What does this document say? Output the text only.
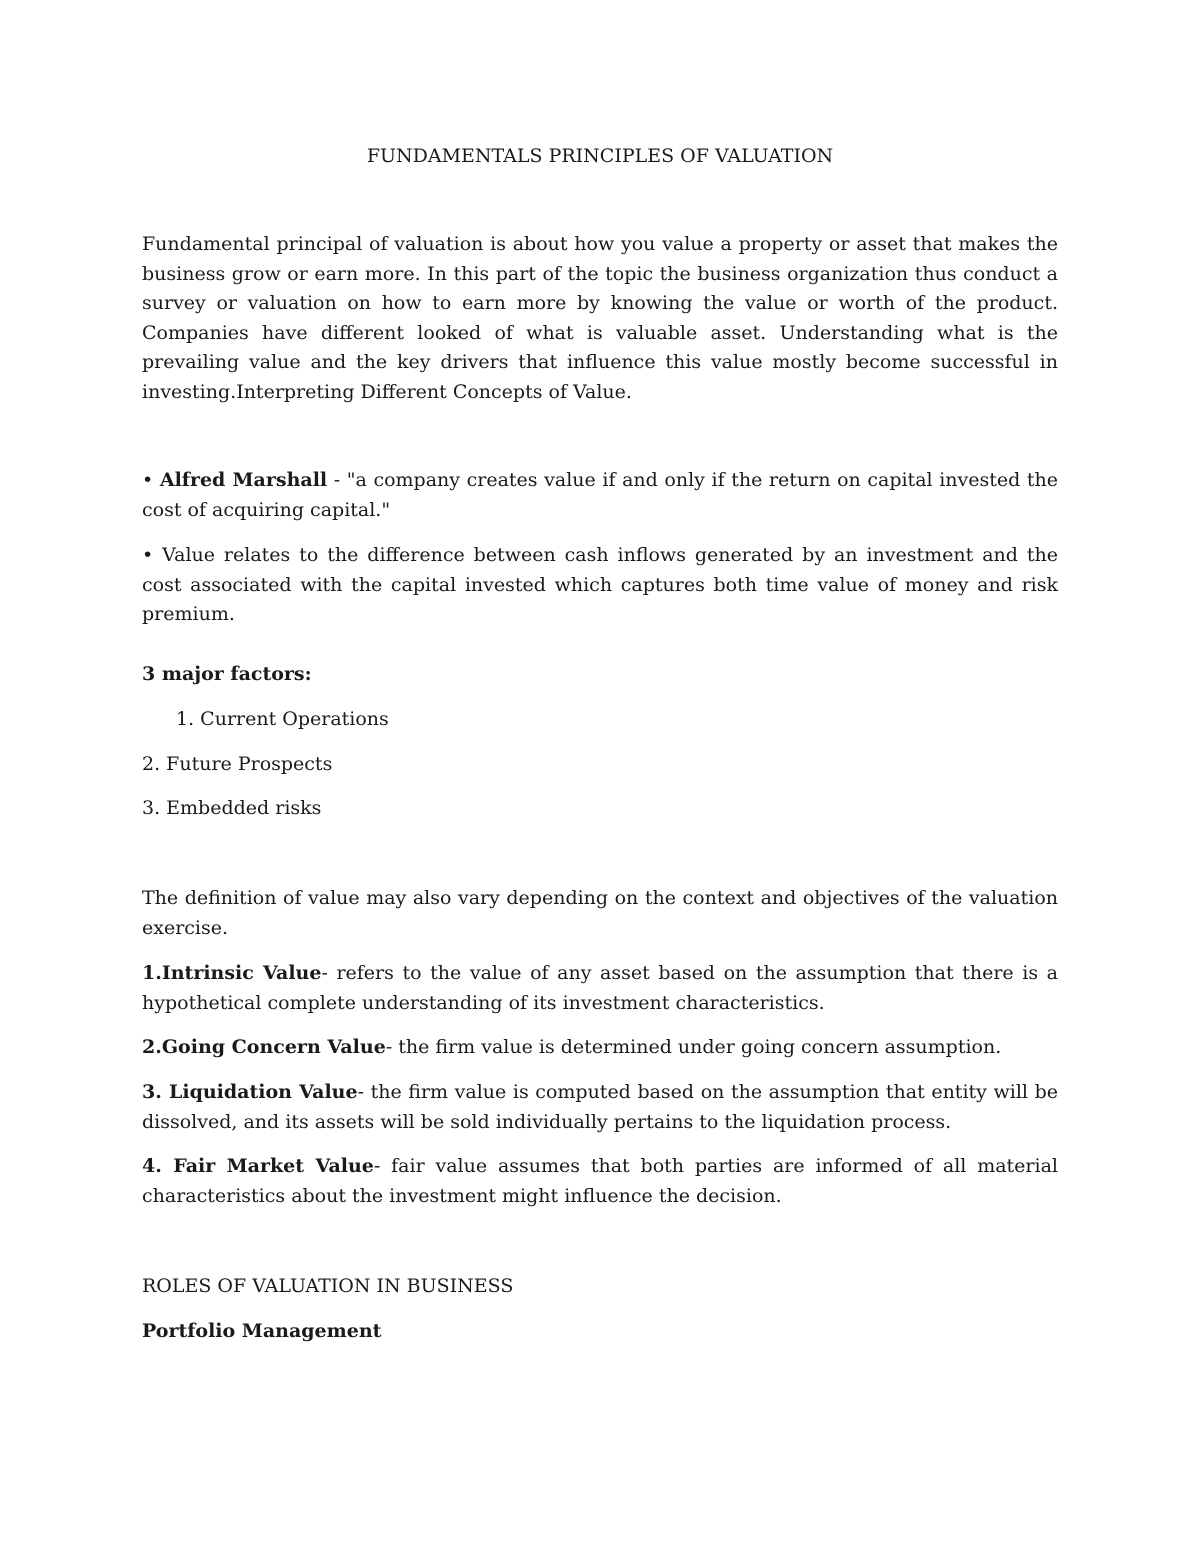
FUNDAMENTALS PRINCIPLES OF VALUATION

Fundamental principal of valuation is about how you value a property or asset that makes the business grow or earn more. In this part of the topic the business organization thus conduct a survey or valuation on how to earn more by knowing the value or worth of the product. Companies have different looked of what is valuable asset. Understanding what is the prevailing value and the key drivers that influence this value mostly become successful in investing.Interpreting Different Concepts of Value.

• Alfred Marshall - "a company creates value if and only if the return on capital invested the cost of acquiring capital."

• Value relates to the difference between cash inflows generated by an investment and the cost associated with the capital invested which captures both time value of money and risk premium.

3 major factors:

1. Current Operations

2. Future Prospects

3. Embedded risks

The definition of value may also vary depending on the context and objectives of the valuation exercise.

1.Intrinsic Value- refers to the value of any asset based on the assumption that there is a hypothetical complete understanding of its investment characteristics.

2.Going Concern Value- the firm value is determined under going concern assumption.

3. Liquidation Value- the firm value is computed based on the assumption that entity will be dissolved, and its assets will be sold individually pertains to the liquidation process.

4. Fair Market Value- fair value assumes that both parties are informed of all material characteristics about the investment might influence the decision.

ROLES OF VALUATION IN BUSINESS

Portfolio Management
